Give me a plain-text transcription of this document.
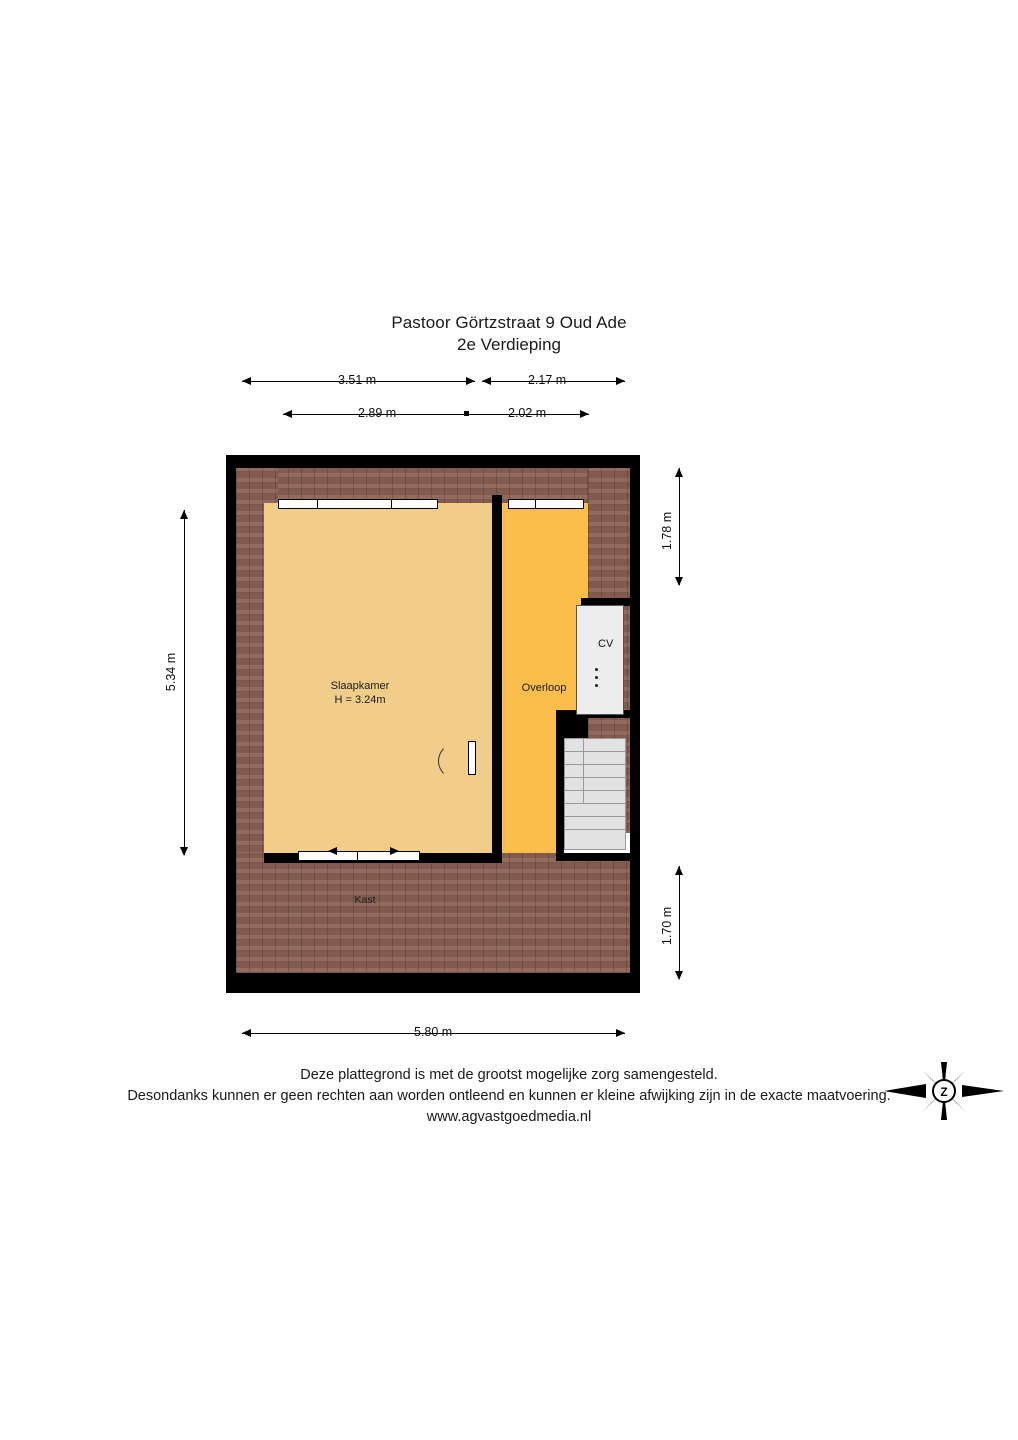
Pastoor Görtzstraat 9 Oud Ade
2e Verdieping
3.51 m	2.17 m
2.89 m	2.02 m
5.34 m
1.78 m
1.70 m
5.80 m
Slaapkamer
H = 3.24m
Overloop
Kast
CV
Deze plattegrond is met de grootst mogelijke zorg samengesteld.
Desondanks kunnen er geen rechten aan worden ontleend en kunnen er kleine afwijking zijn in de exacte maatvoering.
www.agvastgoedmedia.nl
Z
